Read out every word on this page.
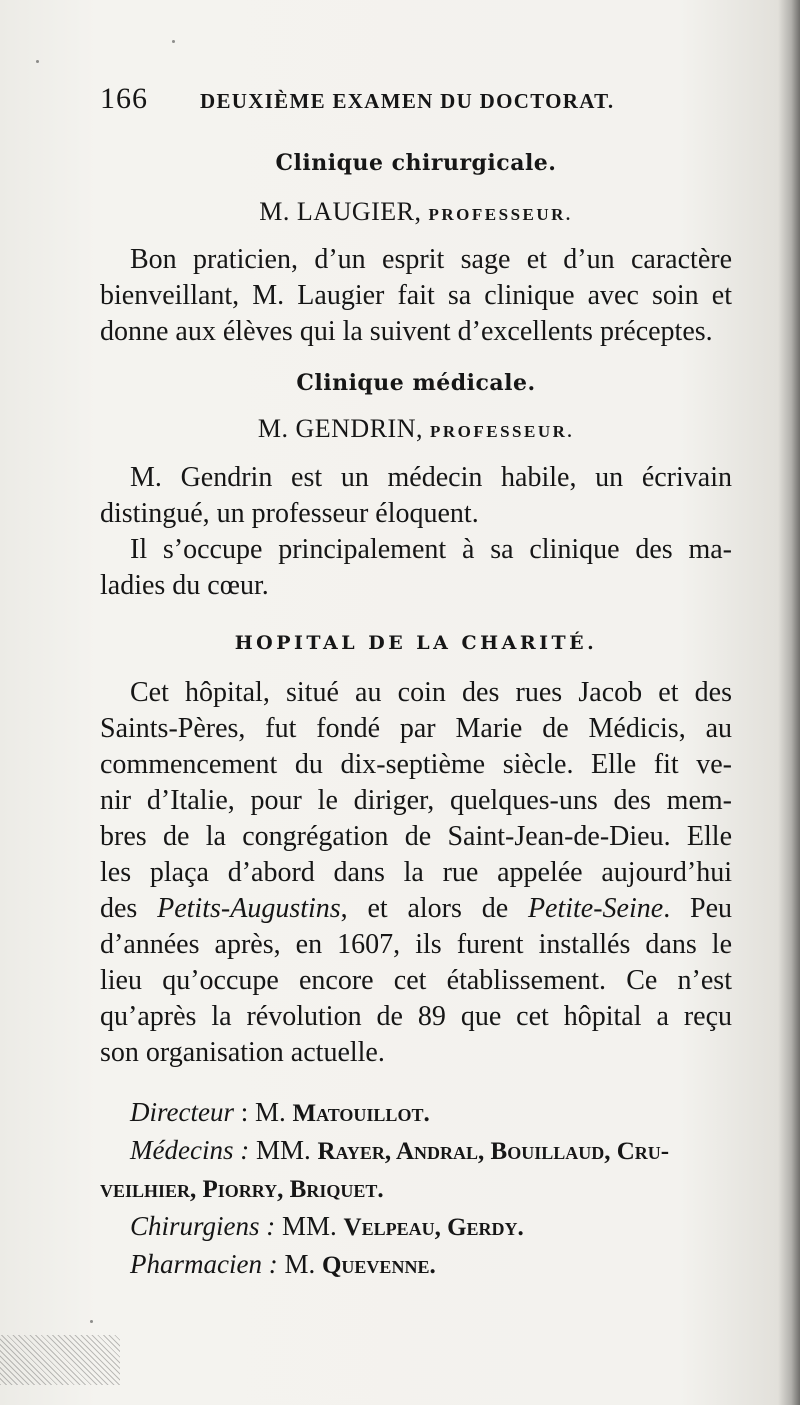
166 DEUXIÈME EXAMEN DU DOCTORAT.
Clinique chirurgicale.
M. LAUGIER, PROFESSEUR.
Bon praticien, d’un esprit sage et d’un caractère
bienveillant, M. Laugier fait sa clinique avec soin et
donne aux élèves qui la suivent d’excellents préceptes.
Clinique médicale.
M. GENDRIN, PROFESSEUR.
M. Gendrin est un médecin habile, un écrivain
distingué, un professeur éloquent.
Il s’occupe principalement à sa clinique des ma-
ladies du cœur.
HOPITAL DE LA CHARITÉ.
Cet hôpital, situé au coin des rues Jacob et des
Saints-Pères, fut fondé par Marie de Médicis, au
commencement du dix-septième siècle. Elle fit ve-
nir d’Italie, pour le diriger, quelques-uns des mem-
bres de la congrégation de Saint-Jean-de-Dieu. Elle
les plaça d’abord dans la rue appelée aujourd’hui
des Petits-Augustins, et alors de Petite-Seine. Peu
d’années après, en 1607, ils furent installés dans le
lieu qu’occupe encore cet établissement. Ce n’est
qu’après la révolution de 89 que cet hôpital a reçu
son organisation actuelle.
Directeur : M. Matouillot.
Médecins : MM. Rayer, Andral, Bouillaud, Cru-
veilhier, Piorry, Briquet.
Chirurgiens : MM. Velpeau, Gerdy.
Pharmacien : M. Quevenne.
